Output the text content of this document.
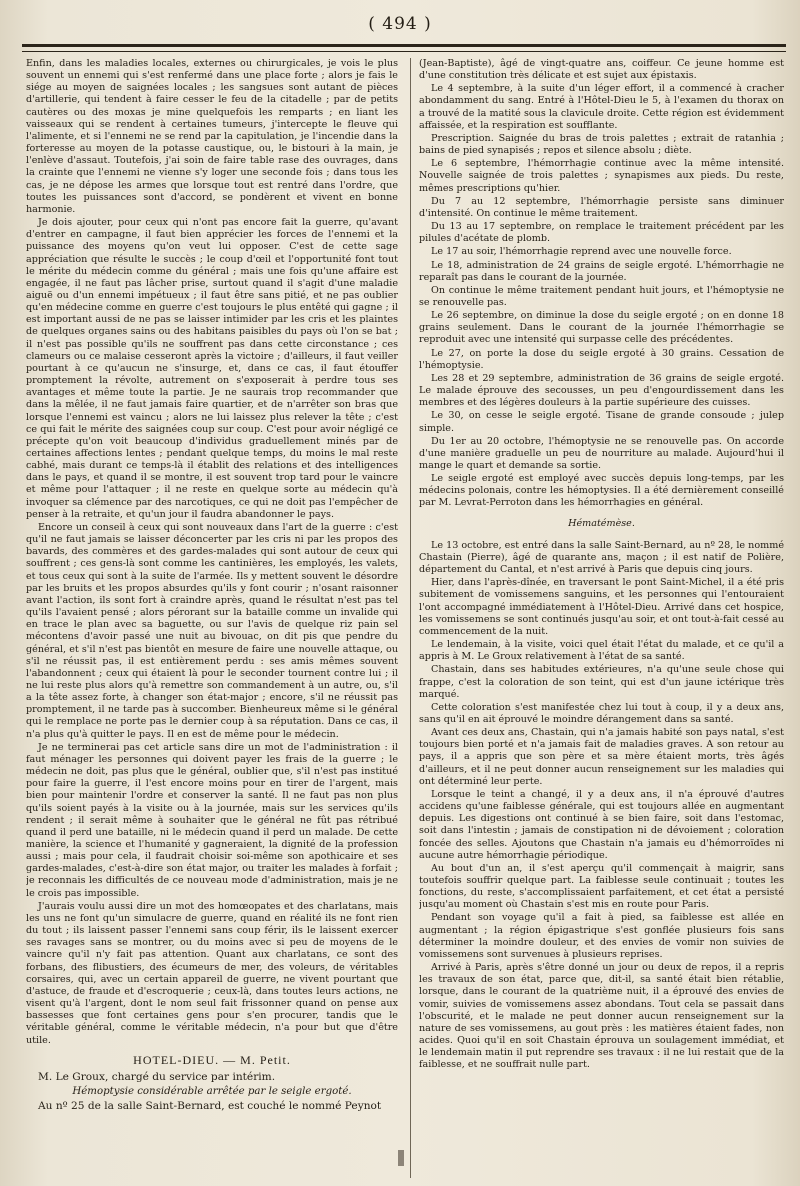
( 494 )

Enfin, dans les maladies locales, externes ou chirurgicales, je vois le plus souvent un ennemi qui s'est renfermé dans une place forte ; alors je fais le siége au moyen de saignées locales ; les sangsues sont autant de pièces d'artillerie, qui tendent à faire cesser le feu de la citadelle ; par de petits cautères ou des moxas je mine quelquefois les remparts ; en liant les vaisseaux qui se rendent à certaines tumeurs, j'intercepte le fleuve qui l'alimente, et si l'ennemi ne se rend par la capitulation, je l'incendie dans la forteresse au moyen de la potasse caustique, ou, le bistouri à la main, je l'enlève d'assaut. Toutefois, j'ai soin de faire table rase des ouvrages, dans la crainte que l'ennemi ne vienne s'y loger une seconde fois ; dans tous les cas, je ne dépose les armes que lorsque tout est rentré dans l'ordre, que toutes les puissances sont d'accord, se pondèrent et vivent en bonne harmonie.

Je dois ajouter, pour ceux qui n'ont pas encore fait la guerre, qu'avant d'entrer en campagne, il faut bien apprécier les forces de l'ennemi et la puissance des moyens qu'on veut lui opposer. C'est de cette sage appréciation que résulte le succès ; le coup d'œil et l'opportunité font tout le mérite du médecin comme du général ; mais une fois qu'une affaire est engagée, il ne faut pas lâcher prise, surtout quand il s'agit d'une maladie aiguë ou d'un ennemi impétueux ; il faut être sans pitié, et ne pas oublier qu'en médecine comme en guerre c'est toujours le plus entêté qui gagne ; il est important aussi de ne pas se laisser intimider par les cris et les plaintes de quelques organes sains ou des habitans paisibles du pays où l'on se bat ; il n'est pas possible qu'ils ne souffrent pas dans cette circonstance ; ces clameurs ou ce malaise cesseront après la victoire ; d'ailleurs, il faut veiller pourtant à ce qu'aucun ne s'insurge, et, dans ce cas, il faut étouffer promptement la révolte, autrement on s'exposerait à perdre tous ses avantages et même toute la partie. Je ne saurais trop recommander que dans la mêlée, il ne faut jamais faire quartier, et de n'arrêter son bras que lorsque l'ennemi est vaincu ; alors ne lui laissez plus relever la tête ; c'est ce qui fait le mérite des saignées coup sur coup. C'est pour avoir négligé ce précepte qu'on voit beaucoup d'individus graduellement minés par de certaines affections lentes ; pendant quelque temps, du moins le mal reste cabhé, mais durant ce temps-là il établit des relations et des intelligences dans le pays, et quand il se montre, il est souvent trop tard pour le vaincre et même pour l'attaquer ; il ne reste en quelque sorte au médecin qu'à invoquer sa clémence par des narcotiques, ce qui ne doit pas l'empêcher de penser à la retraite, et qu'un jour il faudra abandonner le pays.

Encore un conseil à ceux qui sont nouveaux dans l'art de la guerre : c'est qu'il ne faut jamais se laisser déconcerter par les cris ni par les propos des bavards, des commères et des gardes-malades qui sont autour de ceux qui souffrent ; ces gens-là sont comme les cantinières, les employés, les valets, et tous ceux qui sont à la suite de l'armée. Ils y mettent souvent le désordre par les bruits et les propos absurdes qu'ils y font courir ; n'osant raisonner avant l'action, ils sont fort à craindre après, quand le résultat n'est pas tel qu'ils l'avaient pensé ; alors pérorant sur la bataille comme un invalide qui en trace le plan avec sa baguette, ou sur l'avis de quelque riz pain sel mécontens d'avoir passé une nuit au bivouac, on dit pis que pendre du général, et s'il n'est pas bientôt en mesure de faire une nouvelle attaque, ou s'il ne réussit pas, il est entièrement perdu : ses amis mêmes souvent l'abandonnent ; ceux qui étaient là pour le seconder tournent contre lui ; il ne lui reste plus alors qu'à remettre son commandement à un autre, ou, s'il a la tête assez forte, à changer son état-major ; encore, s'il ne réussit pas promptement, il ne tarde pas à succomber. Bienheureux même si le général qui le remplace ne porte pas le dernier coup à sa réputation. Dans ce cas, il n'a plus qu'à quitter le pays. Il en est de même pour le médecin.

Je ne terminerai pas cet article sans dire un mot de l'administration : il faut ménager les personnes qui doivent payer les frais de la guerre ; le médecin ne doit, pas plus que le général, oublier que, s'il n'est pas institué pour faire la guerre, il l'est encore moins pour en tirer de l'argent, mais bien pour maintenir l'ordre et conserver la santé. Il ne faut pas non plus qu'ils soient payés à la visite ou à la journée, mais sur les services qu'ils rendent ; il serait même à souhaiter que le général ne fût pas rétribué quand il perd une bataille, ni le médecin quand il perd un malade. De cette manière, la science et l'humanité y gagneraient, la dignité de la profession aussi ; mais pour cela, il faudrait choisir soi-même son apothicaire et ses gardes-malades, c'est-à-dire son état major, ou traiter les malades à forfait ; je reconnais les difficultés de ce nouveau mode d'administration, mais je ne le crois pas impossible.

J'aurais voulu aussi dire un mot des homœopates et des charlatans, mais les uns ne font qu'un simulacre de guerre, quand en réalité ils ne font rien du tout ; ils laissent passer l'ennemi sans coup férir, ils le laissent exercer ses ravages sans se montrer, ou du moins avec si peu de moyens de le vaincre qu'il n'y fait pas attention. Quant aux charlatans, ce sont des forbans, des flibustiers, des écumeurs de mer, des voleurs, de véritables corsaires, qui, avec un certain appareil de guerre, ne vivent pourtant que d'astuce, de fraude et d'escroquerie ; ceux-là, dans toutes leurs actions, ne visent qu'à l'argent, dont le nom seul fait frissonner quand on pense aux bassesses que font certaines gens pour s'en procurer, tandis que le véritable général, comme le véritable médecin, n'a pour but que d'être utile.

HOTEL-DIEU. — M. Petit.

M. Le Groux, chargé du service par intérim.

Hémoptysie considérable arrêtée par le seigle ergoté.

Au nº 25 de la salle Saint-Bernard, est couché le nommé Peynot

(Jean-Baptiste), âgé de vingt-quatre ans, coiffeur. Ce jeune homme est d'une constitution très délicate et est sujet aux épistaxis.

Le 4 septembre, à la suite d'un léger effort, il a commencé à cracher abondamment du sang. Entré à l'Hôtel-Dieu le 5, à l'examen du thorax on a trouvé de la matité sous la clavicule droite. Cette région est évidemment affaissée, et la respiration est soufflante.

Prescription. Saignée du bras de trois palettes ; extrait de ratanhia ; bains de pied synapisés ; repos et silence absolu ; diète.

Le 6 septembre, l'hémorrhagie continue avec la même intensité. Nouvelle saignée de trois palettes ; synapismes aux pieds. Du reste, mêmes prescriptions qu'hier.

Du 7 au 12 septembre, l'hémorrhagie persiste sans diminuer d'intensité. On continue le même traitement.

Du 13 au 17 septembre, on remplace le traitement précédent par les pilules d'acétate de plomb.

Le 17 au soir, l'hémorrhagie reprend avec une nouvelle force.

Le 18, administration de 24 grains de seigle ergoté. L'hémorrhagie ne reparaît pas dans le courant de la journée.

On continue le même traitement pendant huit jours, et l'hémoptysie ne se renouvelle pas.

Le 26 septembre, on diminue la dose du seigle ergoté ; on en donne 18 grains seulement. Dans le courant de la journée l'hémorrhagie se reproduit avec une intensité qui surpasse celle des précédentes.

Le 27, on porte la dose du seigle ergoté à 30 grains. Cessation de l'hémoptysie.

Les 28 et 29 septembre, administration de 36 grains de seigle ergoté. Le malade éprouve des secousses, un peu d'engourdissement dans les membres et des légères douleurs à la partie supérieure des cuisses.

Le 30, on cesse le seigle ergoté. Tisane de grande consoude ; julep simple.

Du 1er au 20 octobre, l'hémoptysie ne se renouvelle pas. On accorde d'une manière graduelle un peu de nourriture au malade. Aujourd'hui il mange le quart et demande sa sortie.

Le seigle ergoté est employé avec succès depuis long-temps, par les médecins polonais, contre les hémoptysies. Il a été dernièrement conseillé par M. Levrat-Perroton dans les hémorrhagies en général.

Hématémèse.

Le 13 octobre, est entré dans la salle Saint-Bernard, au nº 28, le nommé Chastain (Pierre), âgé de quarante ans, maçon ; il est natif de Polière, département du Cantal, et n'est arrivé à Paris que depuis cinq jours.

Hier, dans l'après-dînée, en traversant le pont Saint-Michel, il a été pris subitement de vomissemens sanguins, et les personnes qui l'entouraient l'ont accompagné immédiatement à l'Hôtel-Dieu. Arrivé dans cet hospice, les vomissemens se sont continués jusqu'au soir, et ont tout-à-fait cessé au commencement de la nuit.

Le lendemain, à la visite, voici quel était l'état du malade, et ce qu'il a appris à M. Le Groux relativement à l'état de sa santé.

Chastain, dans ses habitudes extérieures, n'a qu'une seule chose qui frappe, c'est la coloration de son teint, qui est d'un jaune ictérique très marqué.

Cette coloration s'est manifestée chez lui tout à coup, il y a deux ans, sans qu'il en ait éprouvé le moindre dérangement dans sa santé.

Avant ces deux ans, Chastain, qui n'a jamais habité son pays natal, s'est toujours bien porté et n'a jamais fait de maladies graves. A son retour au pays, il a appris que son père et sa mère étaient morts, très âgés d'ailleurs, et il ne peut donner aucun renseignement sur les maladies qui ont déterminé leur perte.

Lorsque le teint a changé, il y a deux ans, il n'a éprouvé d'autres accidens qu'une faiblesse générale, qui est toujours allée en augmentant depuis. Les digestions ont continué à se bien faire, soit dans l'estomac, soit dans l'intestin ; jamais de constipation ni de dévoiement ; coloration foncée des selles. Ajoutons que Chastain n'a jamais eu d'hémorroïdes ni aucune autre hémorrhagie périodique.

Au bout d'un an, il s'est aperçu qu'il commençait à maigrir, sans toutefois souffrir quelque part. La faiblesse seule continuait ; toutes les fonctions, du reste, s'accomplissaient parfaitement, et cet état a persisté jusqu'au moment où Chastain s'est mis en route pour Paris.

Pendant son voyage qu'il a fait à pied, sa faiblesse est allée en augmentant ; la région épigastrique s'est gonflée plusieurs fois sans déterminer la moindre douleur, et des envies de vomir non suivies de vomissemens sont survenues à plusieurs reprises.

Arrivé à Paris, après s'être donné un jour ou deux de repos, il a repris les travaux de son état, parce que, dit-il, sa santé était bien rétablie, lorsque, dans le courant de la quatrième nuit, il a éprouvé des envies de vomir, suivies de vomissemens assez abondans. Tout cela se passait dans l'obscurité, et le malade ne peut donner aucun renseignement sur la nature de ses vomissemens, au gout près : les matières étaient fades, non acides. Quoi qu'il en soit Chastain éprouva un soulagement immédiat, et le lendemain matin il put reprendre ses travaux : il ne lui restait que de la faiblesse, et ne souffrait nulle part.
